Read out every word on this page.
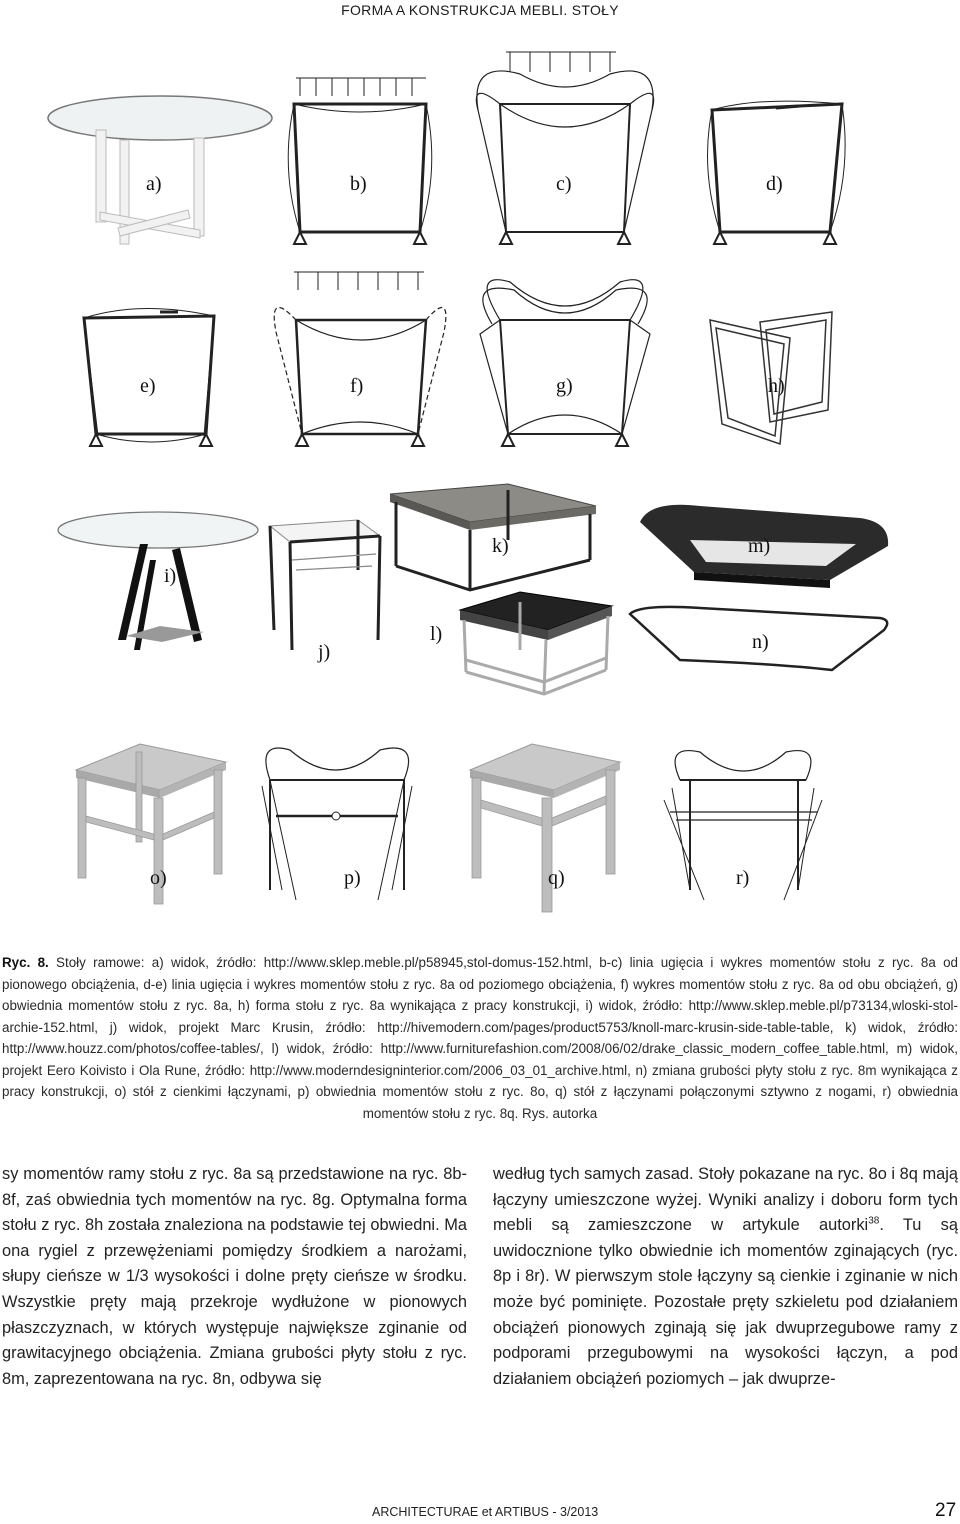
FORMA A KONSTRUKCJA MEBLI. STOŁY
a)	b)	c)	d)
e)	f)	g)	h)
i)
j)
k)
l)
m)
n)
o)	p)	q)	r)
Ryc. 8. Stoły ramowe: a) widok, źródło: http://www.sklep.meble.pl/p58945,stol-domus-152.html, b-c) linia ugięcia i wykres momentów stołu z ryc. 8a od pionowego obciążenia, d-e) linia ugięcia i wykres momentów stołu z ryc. 8a od poziomego obciążenia, f) wykres momentów stołu z ryc. 8a od obu obciążeń, g) obwiednia momentów stołu z ryc. 8a, h) forma stołu z ryc. 8a wynikająca z pracy konstrukcji, i) widok, źródło: http://www.sklep.meble.pl/p73134,wloski-stol-archie-152.html, j) widok, projekt Marc Krusin, źródło: http://hivemodern.com/pages/product5753/knoll-marc-krusin-side-table-table, k) widok, źródło: http://www.houzz.com/photos/coffee-tables/, l) widok, źródło: http://www.furniturefashion.com/2008/06/02/drake_classic_modern_coffee_table.html, m) widok, projekt Eero Koivisto i Ola Rune, źródło: http://www.moderndesigninterior.com/2006_03_01_archive.html, n) zmiana grubości płyty stołu z ryc. 8m wynikająca z pracy konstrukcji, o) stół z cienkimi łączynami, p) obwiednia momentów stołu z ryc. 8o, q) stół z łączynami połączonymi sztywno z nogami, r) obwiednia momentów stołu z ryc. 8q. Rys. autorka
sy momentów ramy stołu z ryc. 8a są przedstawione na ryc. 8b-8f, zaś obwiednia tych momentów na ryc. 8g. Optymalna forma stołu z ryc. 8h została znaleziona na podstawie tej obwiedni. Ma ona rygiel z przewężeniami pomiędzy środkiem a narożami, słupy cieńsze w 1/3 wysokości i dolne pręty cieńsze w środku. Wszystkie pręty mają przekroje wydłużone w pionowych płaszczyznach, w których występuje największe zginanie od grawitacyjnego obciążenia. Zmiana grubości płyty stołu z ryc. 8m, zaprezentowana na ryc. 8n, odbywa się
według tych samych zasad. Stoły pokazane na ryc. 8o i 8q mają łączyny umieszczone wyżej. Wyniki analizy i doboru form tych mebli są zamieszczone w artykule autorki$^{38}$. Tu są uwidocznione tylko obwiednie ich momentów zginających (ryc. 8p i 8r). W pierwszym stole łączyny są cienkie i zginanie w nich może być pominięte. Pozostałe pręty szkieletu pod działaniem obciążeń pionowych zginają się jak dwuprzegubowe ramy z podporami przegubowymi na wysokości łączyn, a pod działaniem obciążeń poziomych – jak dwuprze-
ARCHITECTURAE et ARTIBUS - 3/2013	27
